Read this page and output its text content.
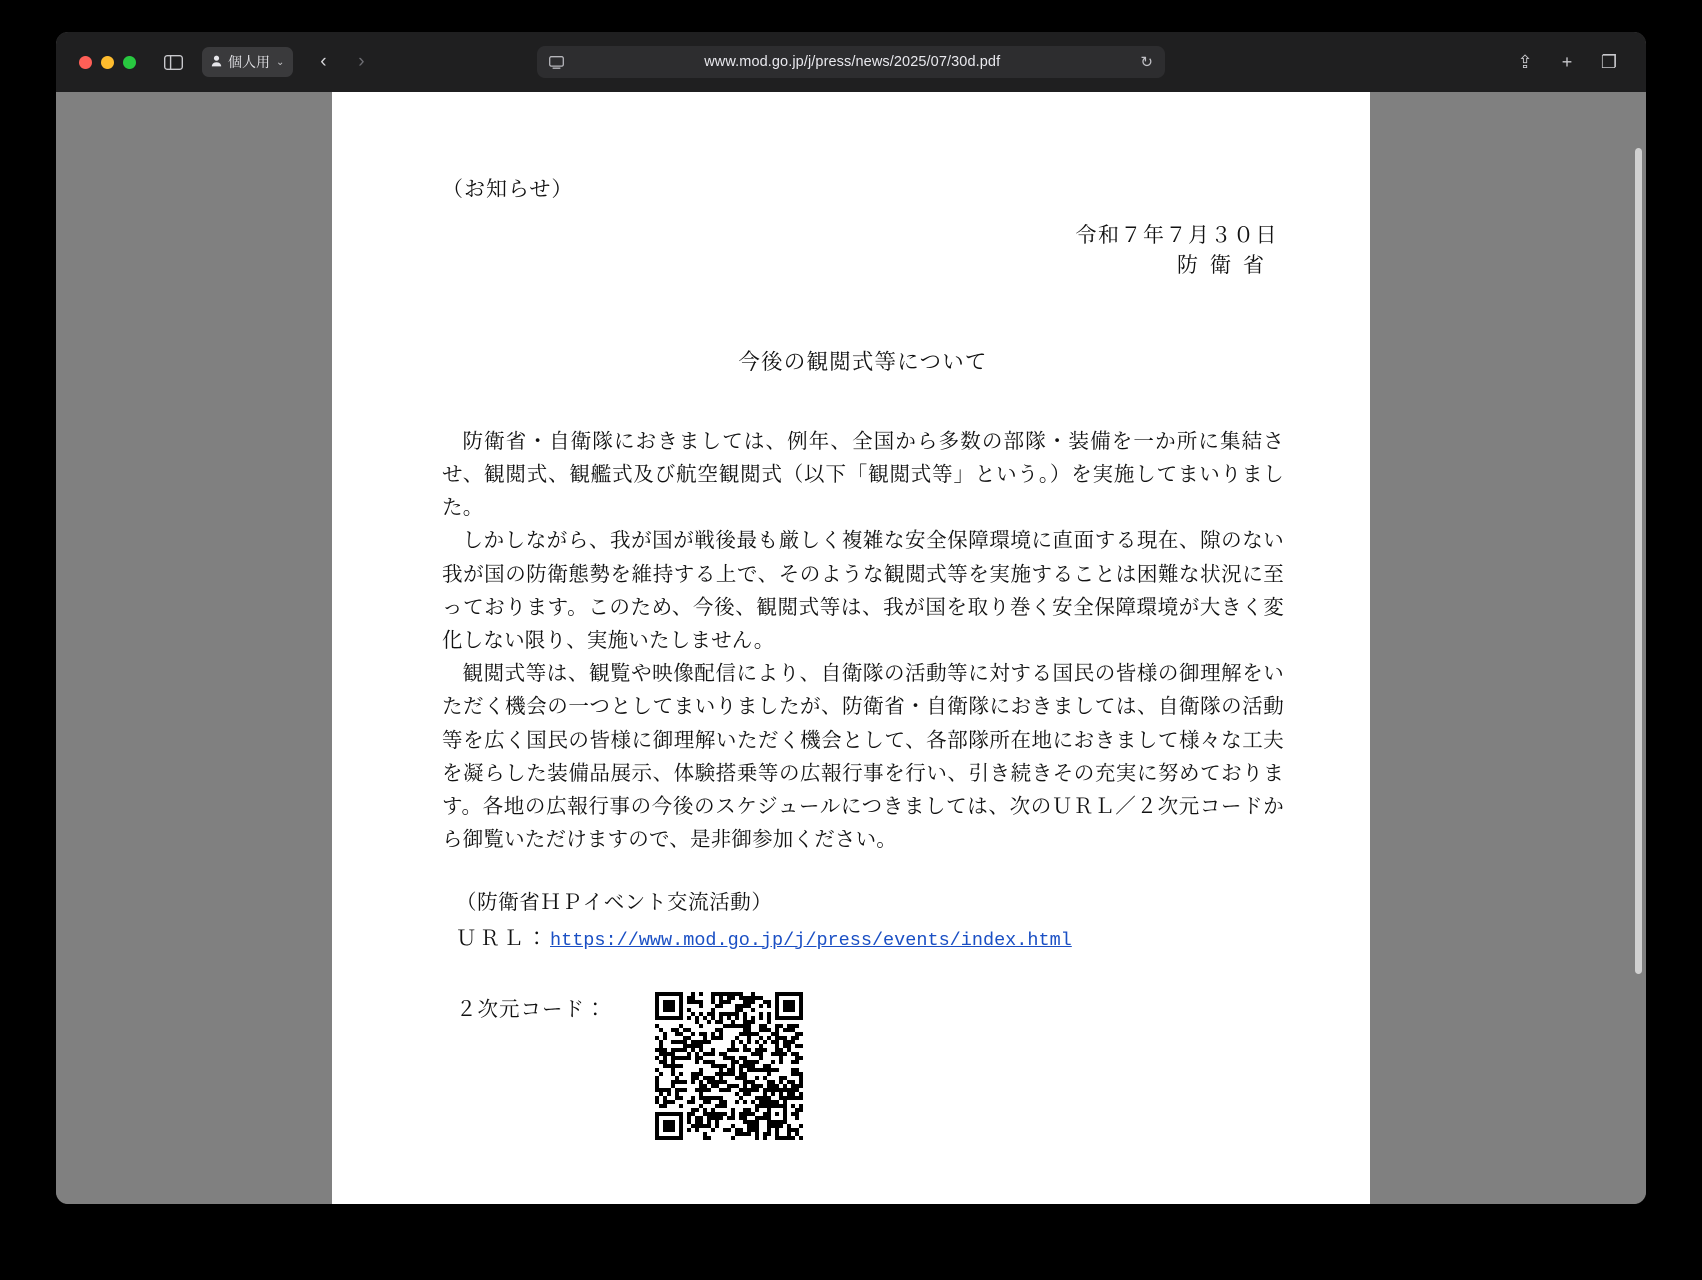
個人用 ⌄	‹	›	www.mod.go.jp/j/press/news/2025/07/30d.pdf	↻	⇪	+	❐
（お知らせ）
令和７年７月３０日
防衛省
今後の観閲式等について

防衛省・自衛隊におきましては、例年、全国から多数の部隊・装備を一か所に集結させ、観閲式、観艦式及び航空観閲式（以下「観閲式等」という。）を実施してまいりました。

しかしながら、我が国が戦後最も厳しく複雑な安全保障環境に直面する現在、隙のない我が国の防衛態勢を維持する上で、そのような観閲式等を実施することは困難な状況に至っております。このため、今後、観閲式等は、我が国を取り巻く安全保障環境が大きく変化しない限り、実施いたしません。

観閲式等は、観覧や映像配信により、自衛隊の活動等に対する国民の皆様の御理解をいただく機会の一つとしてまいりましたが、防衛省・自衛隊におきましては、自衛隊の活動等を広く国民の皆様に御理解いただく機会として、各部隊所在地におきまして様々な工夫を凝らした装備品展示、体験搭乗等の広報行事を行い、引き続きその充実に努めております。各地の広報行事の今後のスケジュールにつきましては、次のＵＲＬ／２次元コードから御覧いただけますので、是非御参加ください。

（防衛省ＨＰイベント交流活動）
ＵＲＬ：https://www.mod.go.jp/j/press/events/index.html
２次元コード：
